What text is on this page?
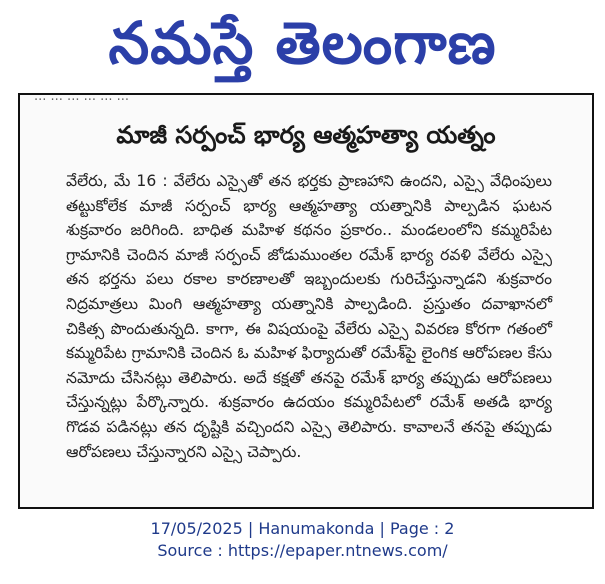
నమస్తే తెలంగాణ
... ... ... ... ... ...
మాజీ సర్పంచ్ భార్య ఆత్మహత్యా యత్నం
వేలేరు, మే 16 : వేలేరు ఎస్సైతో తన భర్తకు ప్రాణహాని ఉందని, ఎస్సై వేధింపులు తట్టుకోలేక మాజీ సర్పంచ్ భార్య ఆత్మహత్యా యత్నానికి పాల్పడిన ఘటన శుక్రవారం జరిగింది. బాధిత మహిళ కథనం ప్రకారం.. మండలంలోని కమ్మరిపేట గ్రామానికి చెందిన మాజీ సర్పంచ్ జోడుముంతల రమేశ్ భార్య రవళి వేలేరు ఎస్సై తన భర్తను పలు రకాల కారణాలతో ఇబ్బందులకు గురిచేస్తున్నాడని శుక్రవారం నిద్రమాత్రలు మింగి ఆత్మహత్యా యత్నానికి పాల్పడింది. ప్రస్తుతం దవాఖానలో చికిత్స పొందుతున్నది. కాగా, ఈ విషయంపై వేలేరు ఎస్సై వివరణ కోరగా గతంలో కమ్మరిపేట గ్రామానికి చెందిన ఓ మహిళ ఫిర్యాదుతో రమేశ్‌పై లైంగిక ఆరోపణల కేసు నమోదు చేసినట్లు తెలిపారు. అదే కక్షతో తనపై రమేశ్ భార్య తప్పుడు ఆరోపణలు చేస్తున్నట్లు పేర్కొన్నారు. శుక్రవారం ఉదయం కమ్మరిపేటలో రమేశ్ అతడి భార్య గొడవ పడినట్లు తన దృష్టికి వచ్చిందని ఎస్సై తెలిపారు. కావాలనే తనపై తప్పుడు ఆరోపణలు చేస్తున్నారని ఎస్సై చెప్పారు.
17/05/2025 | Hanumakonda | Page : 2
Source : https://epaper.ntnews.com/
